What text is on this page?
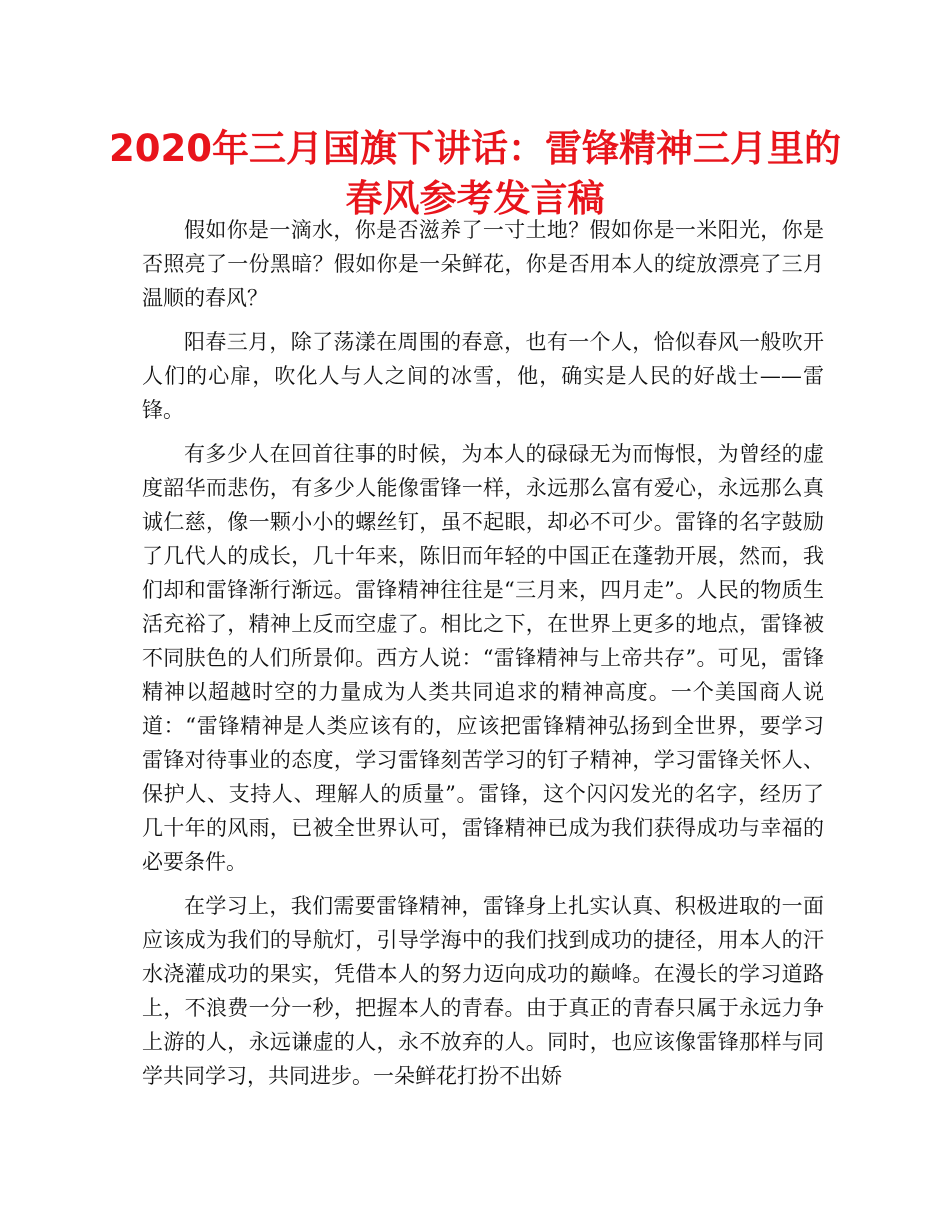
2020年三月国旗下讲话：雷锋精神三月里的春风参考发言稿

假如你是一滴水，你是否滋养了一寸土地？假如你是一米阳光，你是否照亮了一份黑暗？假如你是一朵鲜花，你是否用本人的绽放漂亮了三月温顺的春风？

阳春三月，除了荡漾在周围的春意，也有一个人，恰似春风一般吹开人们的心扉，吹化人与人之间的冰雪，他，确实是人民的好战士——雷锋。

有多少人在回首往事的时候，为本人的碌碌无为而悔恨，为曾经的虚度韶华而悲伤，有多少人能像雷锋一样，永远那么富有爱心，永远那么真诚仁慈，像一颗小小的螺丝钉，虽不起眼，却必不可少。雷锋的名字鼓励了几代人的成长，几十年来，陈旧而年轻的中国正在蓬勃开展，然而，我们却和雷锋渐行渐远。雷锋精神往往是“三月来，四月走”。人民的物质生活充裕了，精神上反而空虚了。相比之下，在世界上更多的地点，雷锋被不同肤色的人们所景仰。西方人说：“雷锋精神与上帝共存”。可见，雷锋精神以超越时空的力量成为人类共同追求的精神高度。一个美国商人说道：“雷锋精神是人类应该有的，应该把雷锋精神弘扬到全世界，要学习雷锋对待事业的态度，学习雷锋刻苦学习的钉子精神，学习雷锋关怀人、保护人、支持人、理解人的质量”。雷锋，这个闪闪发光的名字，经历了几十年的风雨，已被全世界认可，雷锋精神已成为我们获得成功与幸福的必要条件。

在学习上，我们需要雷锋精神，雷锋身上扎实认真、积极进取的一面应该成为我们的导航灯，引导学海中的我们找到成功的捷径，用本人的汗水浇灌成功的果实，凭借本人的努力迈向成功的巅峰。在漫长的学习道路上，不浪费一分一秒，把握本人的青春。由于真正的青春只属于永远力争上游的人，永远谦虚的人，永不放弃的人。同时，也应该像雷锋那样与同学共同学习，共同进步。一朵鲜花打扮不出娇
